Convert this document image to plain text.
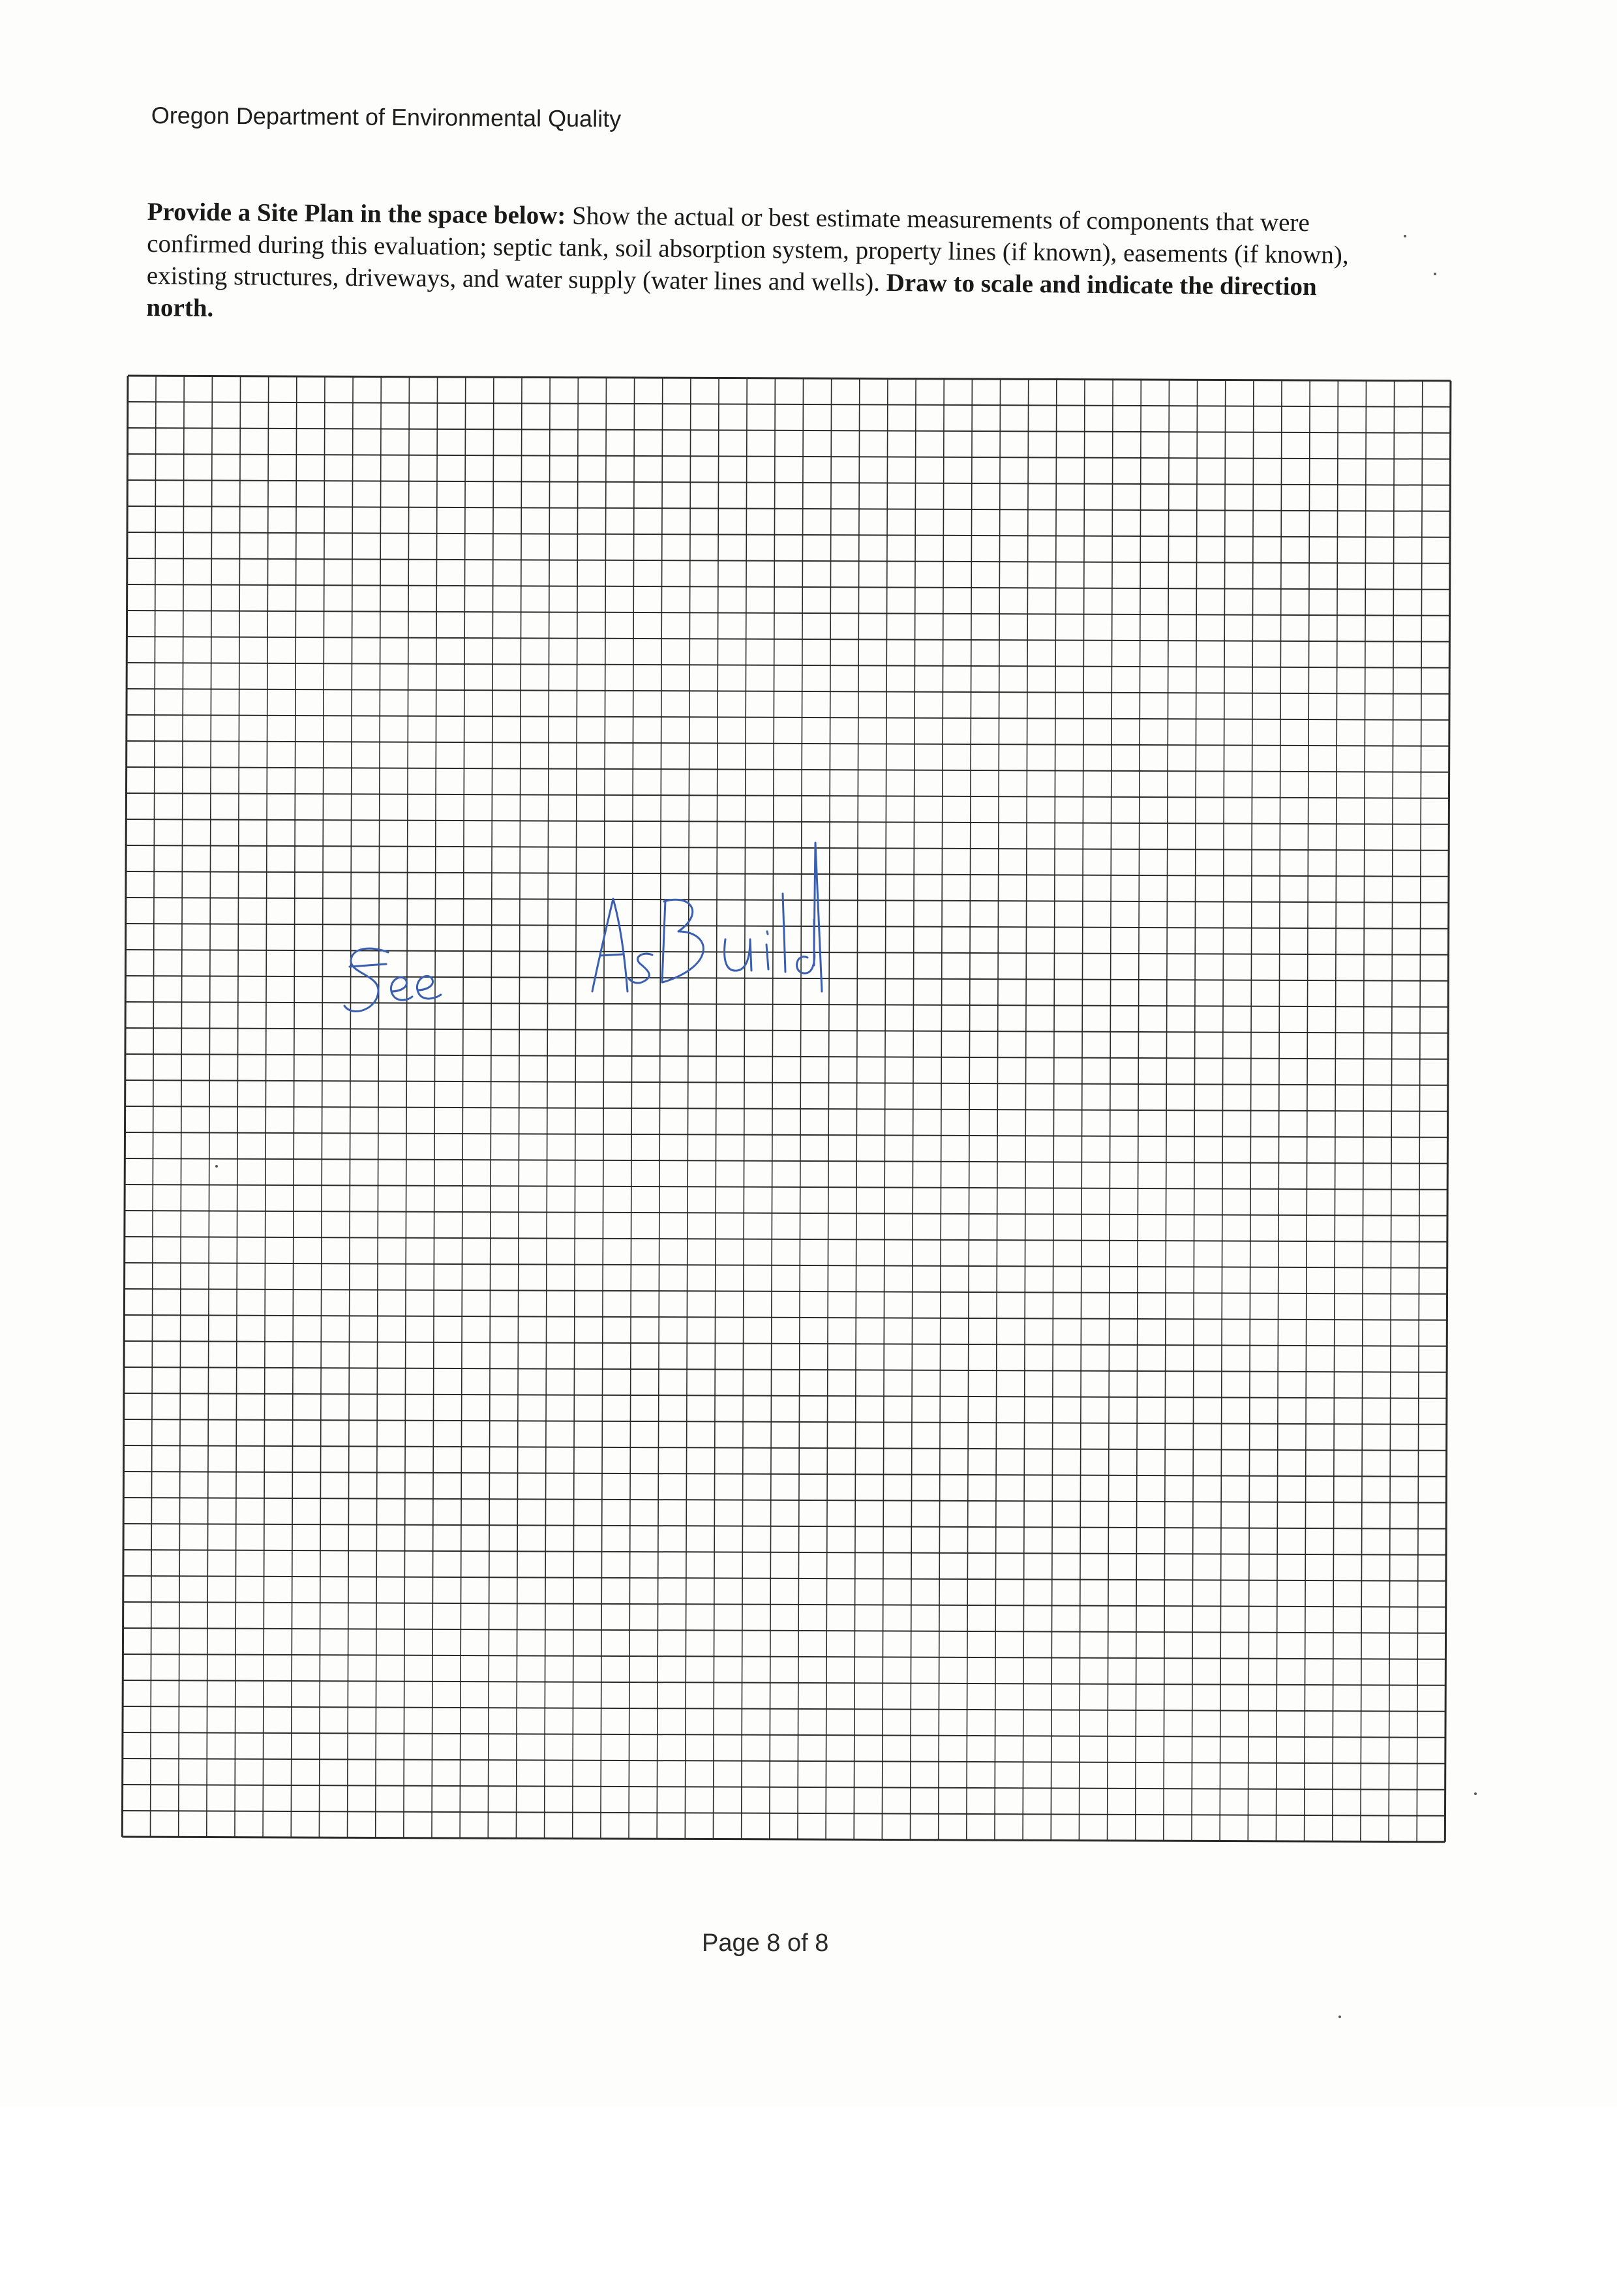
Oregon Department of Environmental Quality
Provide a Site Plan in the space below: Show the actual or best estimate measurements of components that were confirmed during this evaluation; septic tank, soil absorption system, property lines (if known), easements (if known), existing structures, driveways, and water supply (water lines and wells). Draw to scale and indicate the direction north.
Page 8 of 8
